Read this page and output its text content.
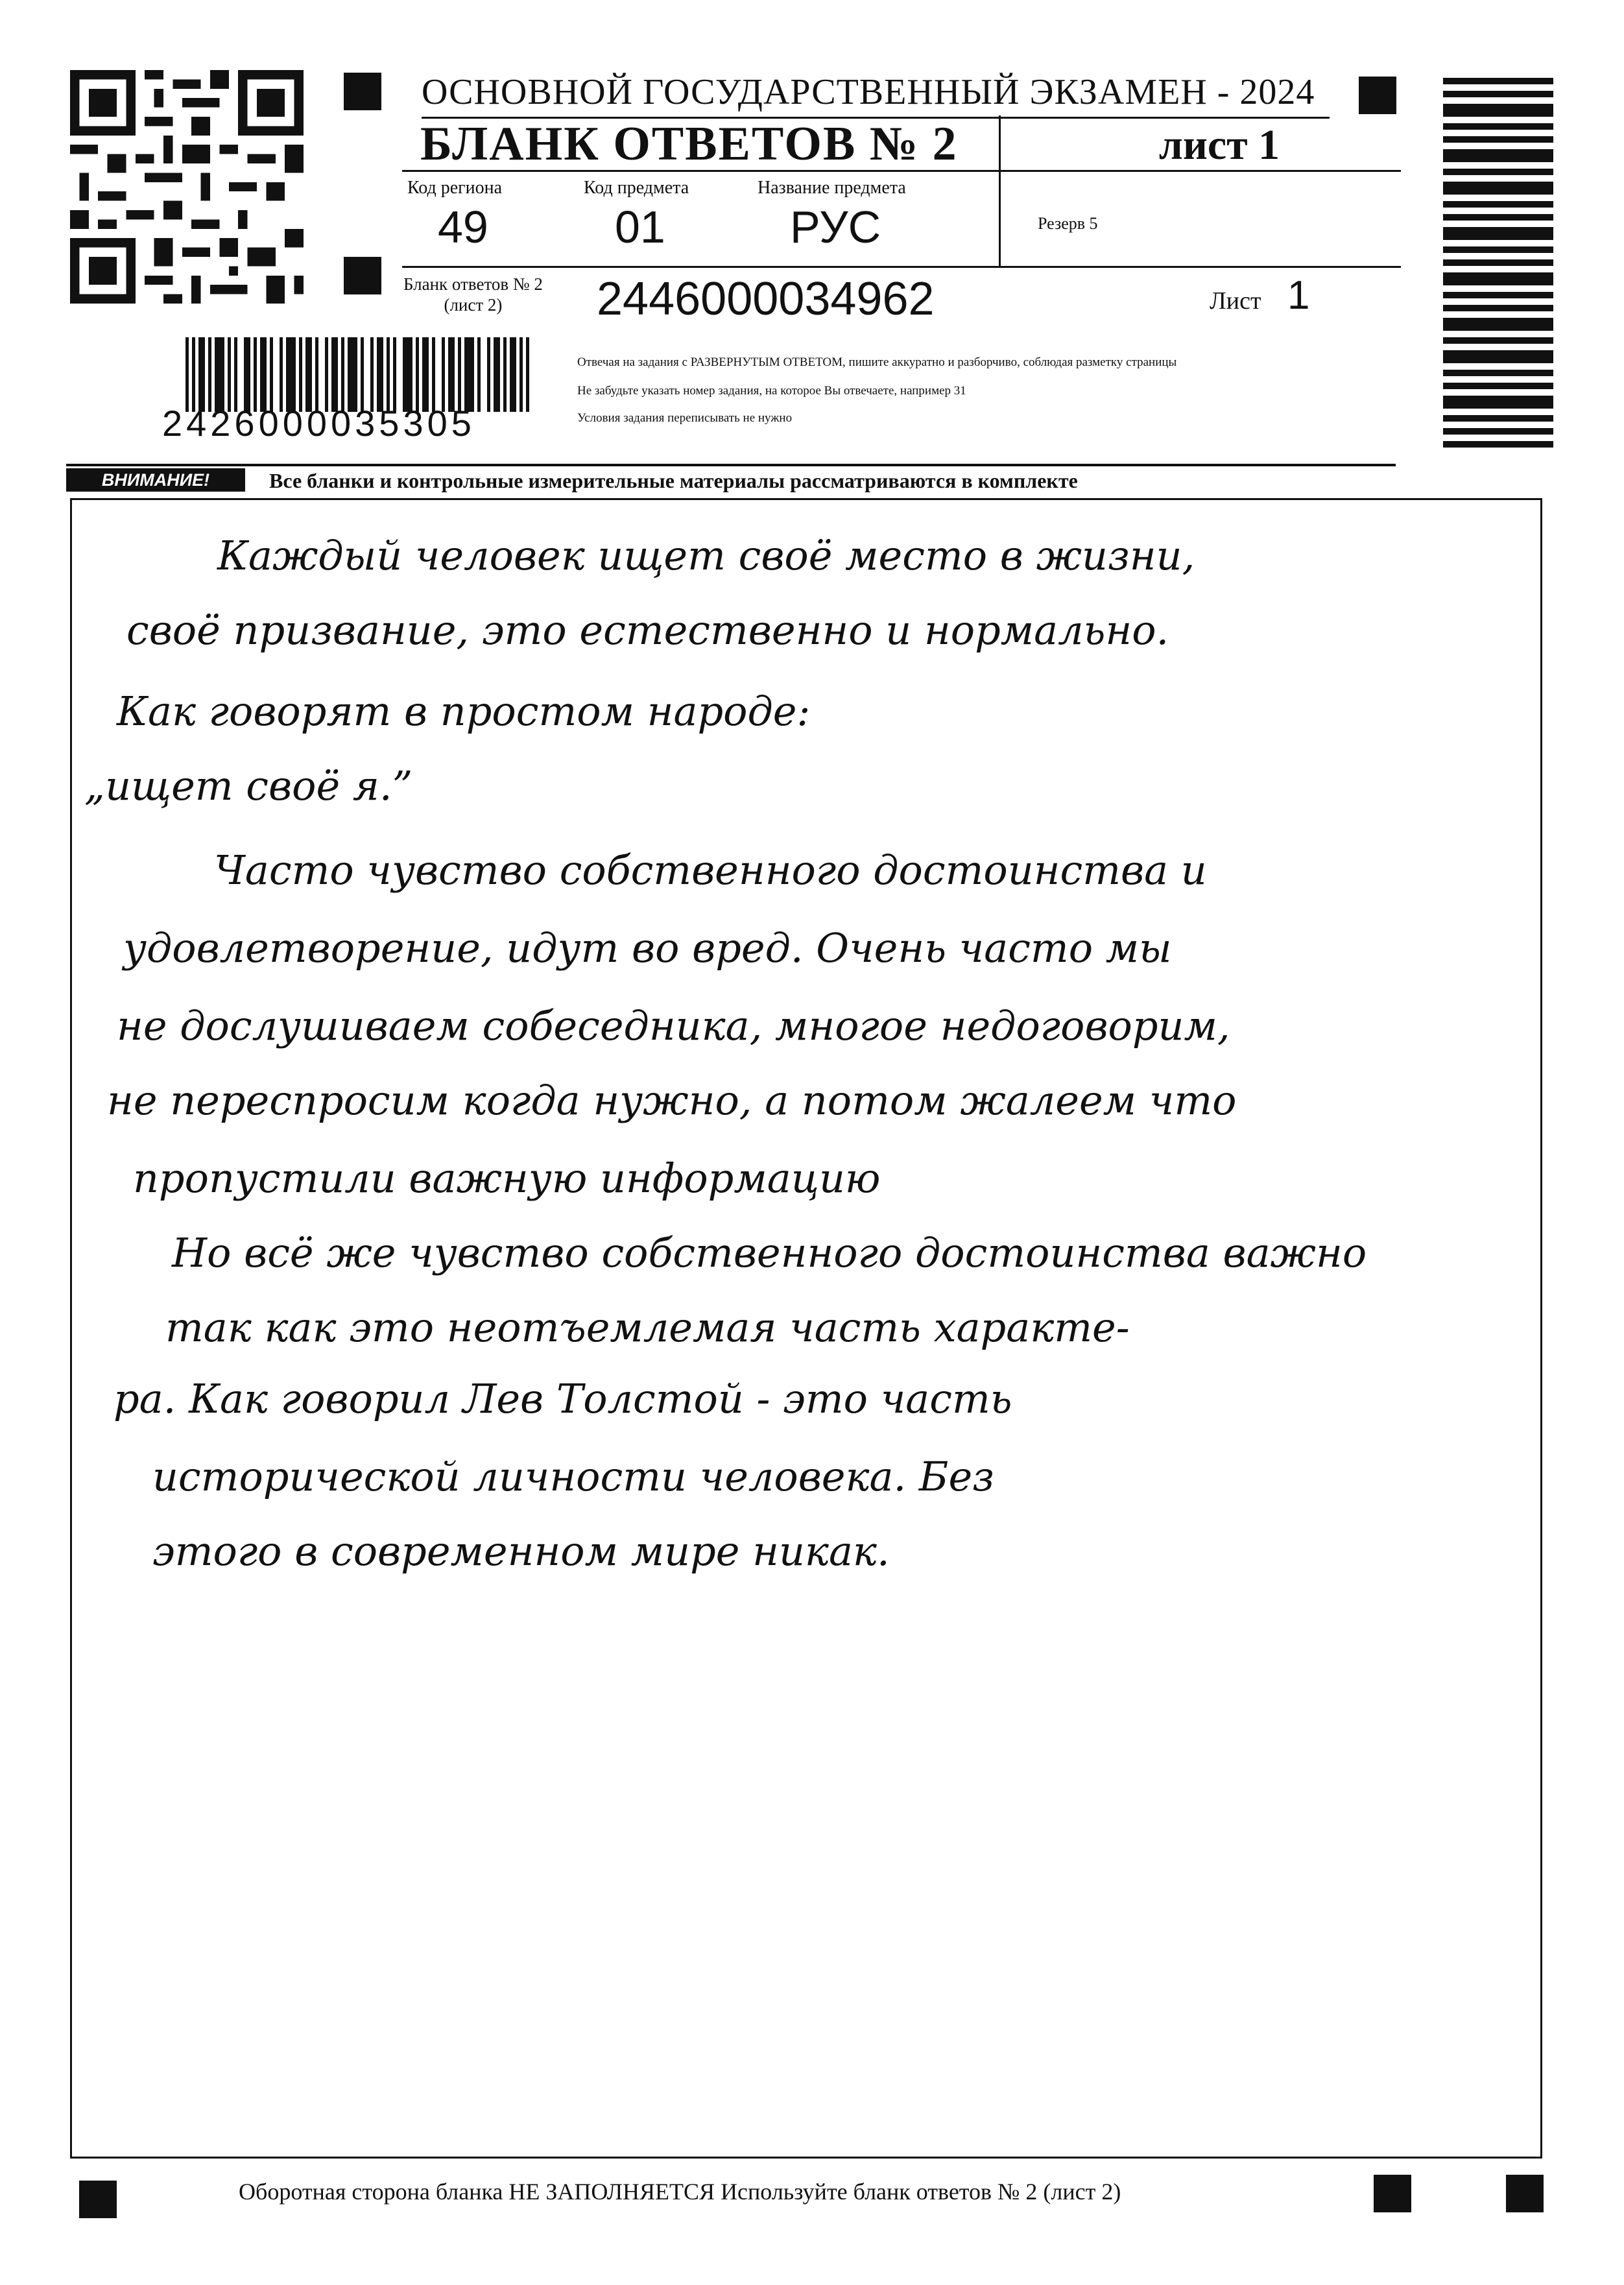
ОСНОВНОЙ ГОСУДАРСТВЕННЫЙ ЭКЗАМЕН - 2024
БЛАНК ОТВЕТОВ № 2	лист 1
Код региона
49
Код предмета
01
Название предмета
РУС	Резерв 5
Бланк ответов № 2
(лист 2)	2446000034962	Лист 1
Отвечая на задания с РАЗВЕРНУТЫМ ОТВЕТОМ, пишите аккуратно и разборчиво, соблюдая разметку страницы
Не забудьте указать номер задания, на которое Вы отвечаете, например 31
Условия задания переписывать не нужно
2426000035305
ВНИМАНИЕ!	Все бланки и контрольные измерительные материалы рассматриваются в комплекте
Каждый человек ищет своё место в жизни,
своё призвание, это естественно и нормально.
Как говорят в простом народе:
„ищет своё я.”
Часто чувство собственного достоинства и
удовлетворение, идут во вред. Очень часто мы
не дослушиваем собеседника, многое недоговорим,
не переспросим когда нужно, а потом жалеем что
пропустили важную информацию
Но всё же чувство собственного достоинства важно
так как это неотъемлемая часть характе-
ра. Как говорил Лев Толстой - это часть
исторической личности человека. Без
этого в современном мире никак.
Оборотная сторона бланка НЕ ЗАПОЛНЯЕТСЯ Используйте бланк ответов № 2 (лист 2)
